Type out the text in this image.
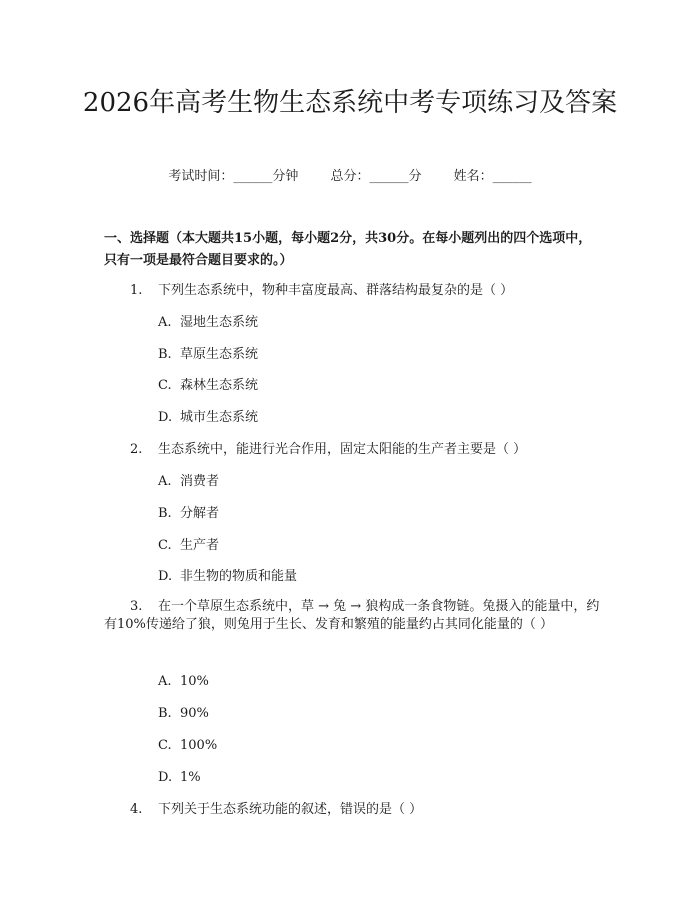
2026年高考生物生态系统中考专项练习及答案
考试时间：______分钟 总分：______分 姓名：______

一、选择题（本大题共15小题，每小题2分，共30分。在每小题列出的四个选项中，只有一项是最符合题目要求的。）

1. 下列生态系统中，物种丰富度最高、群落结构最复杂的是（ ）
A. 湿地生态系统
B. 草原生态系统
C. 森林生态系统
D. 城市生态系统
2. 生态系统中，能进行光合作用，固定太阳能的生产者主要是（ ）
A. 消费者
B. 分解者
C. 生产者
D. 非生物的物质和能量

3. 在一个草原生态系统中，草 → 兔 → 狼构成一条食物链。兔摄入的能量中，约有10%传递给了狼，则兔用于生长、发育和繁殖的能量约占其同化能量的（ ）

A. 10%
B. 90%
C. 100%
D. 1%
4. 下列关于生态系统功能的叙述，错误的是（ ）
